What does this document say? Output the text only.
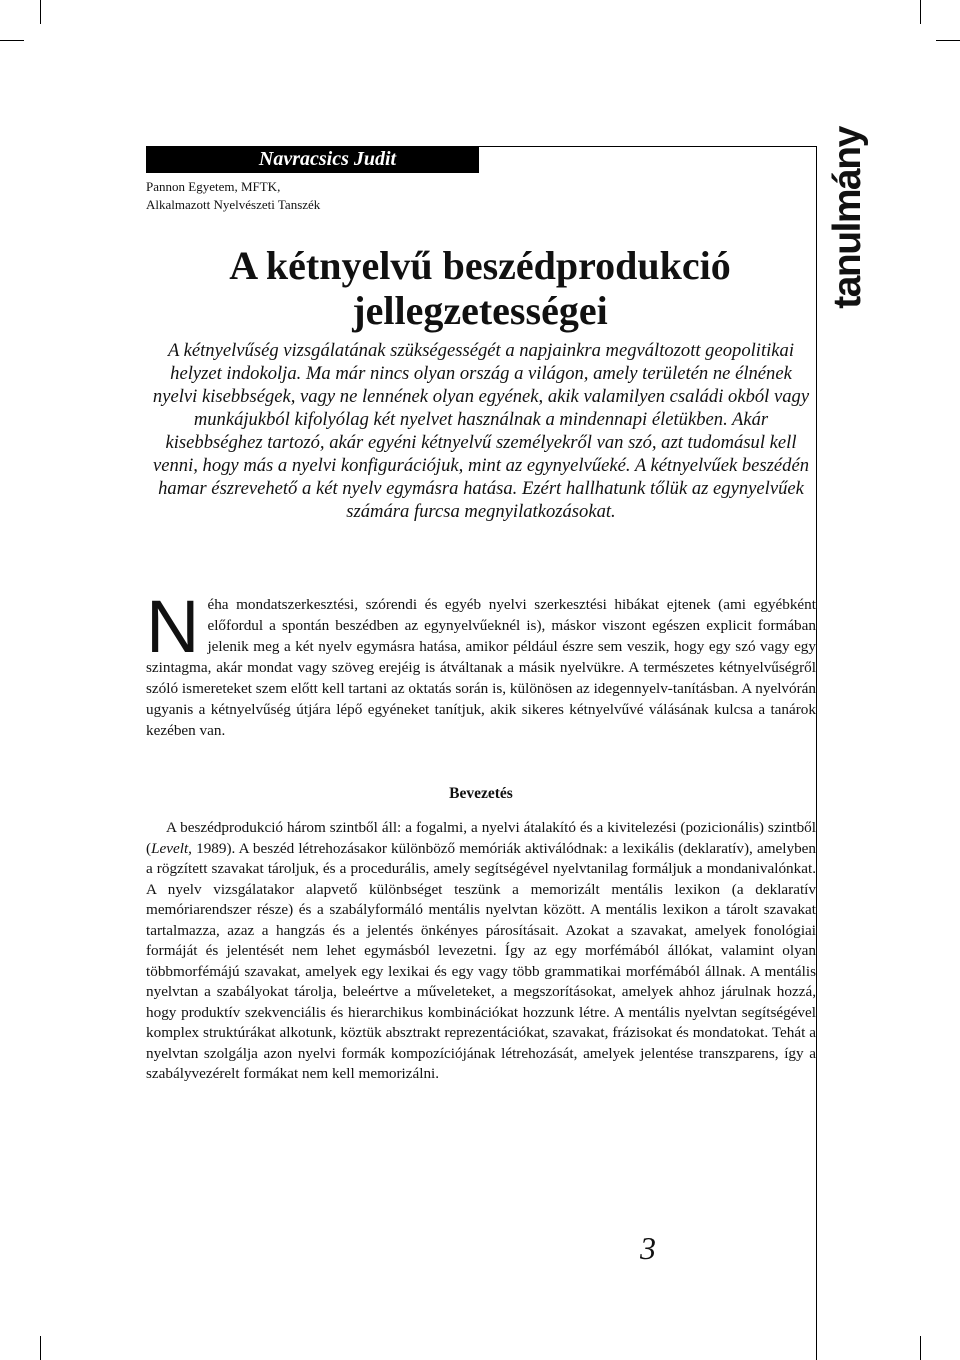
Navracsics Judit
Pannon Egyetem, MFTK,
Alkalmazott Nyelvészeti Tanszék	tanulmány
A kétnyelvű beszédprodukció
jellegzetességei

A kétnyelvűség vizsgálatának szükségességét a napjainkra megváltozott geopolitikai helyzet indokolja. Ma már nincs olyan ország a világon, amely területén ne élnének nyelvi kisebbségek, vagy ne lennének olyan egyének, akik valamilyen családi okból vagy munkájukból kifolyólag két nyelvet használnak a mindennapi életükben. Akár kisebbséghez tartozó, akár egyéni kétnyelvű személyekről van szó, azt tudomásul kell venni, hogy más a nyelvi konfigurációjuk, mint az egynyelvűeké. A kétnyelvűek beszédén hamar észrevehető a két nyelv egymásra hatása. Ezért hallhatunk tőlük az egynyelvűek számára furcsa megnyilatkozásokat.

Néha mondatszerkesztési, szórendi és egyéb nyelvi szerkesztési hibákat ejtenek (ami egyébként előfordul a spontán beszédben az egynyelvűeknél is), máskor viszont egészen explicit formában jelenik meg a két nyelv egymásra hatása, amikor például észre sem veszik, hogy egy szó vagy egy szintagma, akár mondat vagy szöveg erejéig is átváltanak a másik nyelvükre. A természetes kétnyelvűségről szóló ismereteket szem előtt kell tartani az oktatás során is, különösen az idegennyelv-tanításban. A nyelvórán ugyanis a kétnyelvűség útjára lépő egyéneket tanítjuk, akik sikeres kétnyelvűvé válásának kulcsa a tanárok kezében van.

Bevezetés

A beszédprodukció három szintből áll: a fogalmi, a nyelvi átalakító és a kivitelezési (pozicionális) szintből (Levelt, 1989). A beszéd létrehozásakor különböző memóriák aktiválódnak: a lexikális (deklaratív), amelyben a rögzített szavakat tároljuk, és a procedurális, amely segítségével nyelvtanilag formáljuk a mondanivalónkat. A nyelv vizsgálatakor alapvető különbséget teszünk a memorizált mentális lexikon (a deklaratív memóriarendszer része) és a szabályformáló mentális nyelvtan között. A mentális lexikon a tárolt szavakat tartalmazza, azaz a hangzás és a jelentés önkényes párosításait. Azokat a szavakat, amelyek fonológiai formáját és jelentését nem lehet egymásból levezetni. Így az egy morfémából állókat, valamint olyan többmorfémájú szavakat, amelyek egy lexikai és egy vagy több grammatikai morfémából állnak. A mentális nyelvtan a szabályokat tárolja, beleértve a műveleteket, a megszorításokat, amelyek ahhoz járulnak hozzá, hogy produktív szekvenciális és hierarchikus kombinációkat hozzunk létre. A mentális nyelvtan segítségével komplex struktúrákat alkotunk, köztük absztrakt reprezentációkat, szavakat, frázisokat és mondatokat. Tehát a nyelvtan szolgálja azon nyelvi formák kompozíciójának létrehozását, amelyek jelentése transzparens, így a szabályvezérelt formákat nem kell memorizálni.

3
